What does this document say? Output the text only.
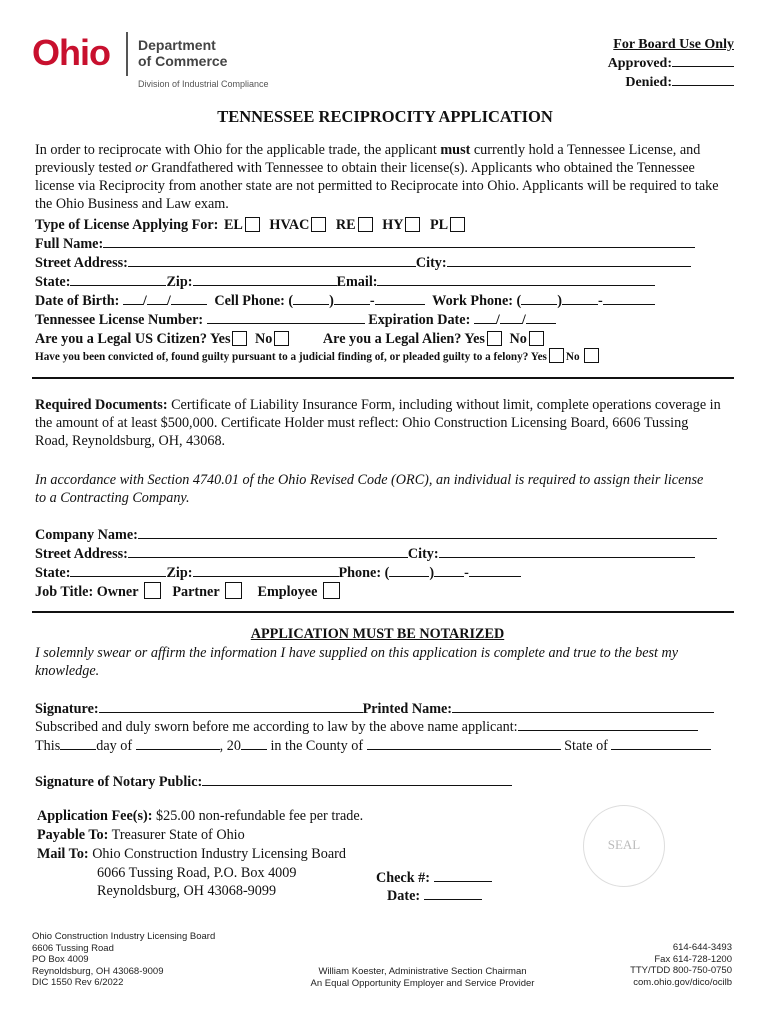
Ohio Department
of Commerce
Division of Industrial Compliance
For Board Use Only
Approved:
Denied:
TENNESSEE RECIPROCITY APPLICATION
In order to reciprocate with Ohio for the applicable trade, the applicant must currently hold a Tennessee License, and previously tested or Grandfathered with Tennessee to obtain their license(s). Applicants who obtained the Tennessee license via Reciprocity from another state are not permitted to Reciprocate into Ohio. Applicants will be required to take the Ohio Business and Law exam.
Type of License Applying For: EL HVAC RE HY PL
Full Name:
Street Address:	City:
State:	Zip:	Email:
Date of Birth: / /	Cell Phone: (	)	-	Work Phone: (	)	-
Tennessee License Number:	Expiration Date: / /
Are you a Legal US Citizen? Yes No	Are you a Legal Alien? Yes No
Have you been convicted of, found guilty pursuant to a judicial finding of, or pleaded guilty to a felony? Yes No
Required Documents: Certificate of Liability Insurance Form, including without limit, complete operations coverage in the amount of at least $500,000. Certificate Holder must reflect: Ohio Construction Licensing Board, 6606 Tussing Road, Reynoldsburg, OH, 43068.
In accordance with Section 4740.01 of the Ohio Revised Code (ORC), an individual is required to assign their license to a Contracting Company.
Company Name:
Street Address:	City:
State:	Zip:	Phone: (	) -
Job Title: Owner Partner	Employee
APPLICATION MUST BE NOTARIZED
I solemnly swear or affirm the information I have supplied on this application is complete and true to the best my knowledge.
Signature:	Printed Name:
Subscribed and duly sworn before me according to law by the above name applicant:
This	day of	, 20 in the County of	State of
Signature of Notary Public:
SEAL
Application Fee(s): $25.00 non-refundable fee per trade.
Payable To: Treasurer State of Ohio
Mail To: Ohio Construction Industry Licensing Board
6066 Tussing Road, P.O. Box 4009
Reynoldsburg, OH 43068-9099
Check #:
Date:
Ohio Construction Industry Licensing Board
6606 Tussing Road
PO Box 4009
Reynoldsburg, OH 43068-9009
DIC 1550 Rev 6/2022
William Koester, Administrative Section Chairman
An Equal Opportunity Employer and Service Provider
614-644-3493
Fax 614-728-1200
TTY/TDD 800-750-0750
com.ohio.gov/dico/ocilb
